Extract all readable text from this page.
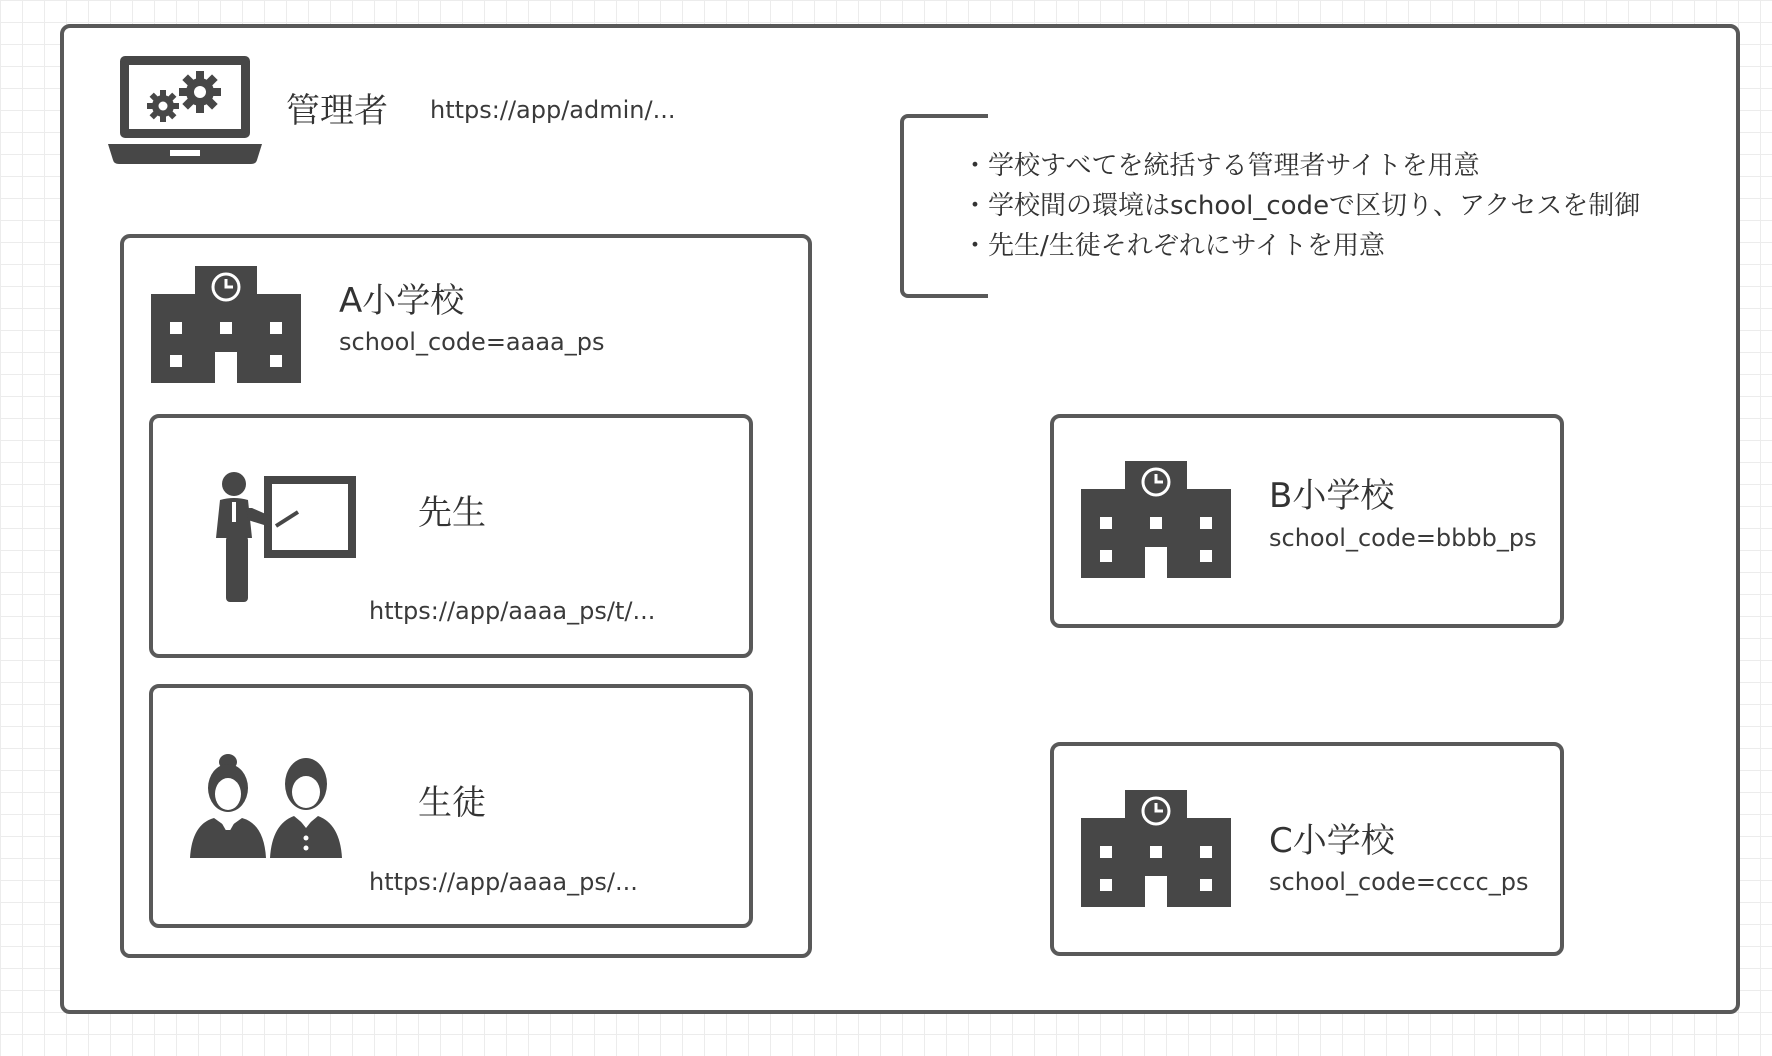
管理者 https://app/admin/...
・学校すべてを統括する管理者サイトを用意
・学校間の環境はschool_codeで区切り、アクセスを制御
・先生/生徒それぞれにサイトを用意
A小学校
school_code=aaaa_ps
先生
https://app/aaaa_ps/t/...
生徒
https://app/aaaa_ps/...
B小学校
school_code=bbbb_ps
C小学校
school_code=cccc_ps
